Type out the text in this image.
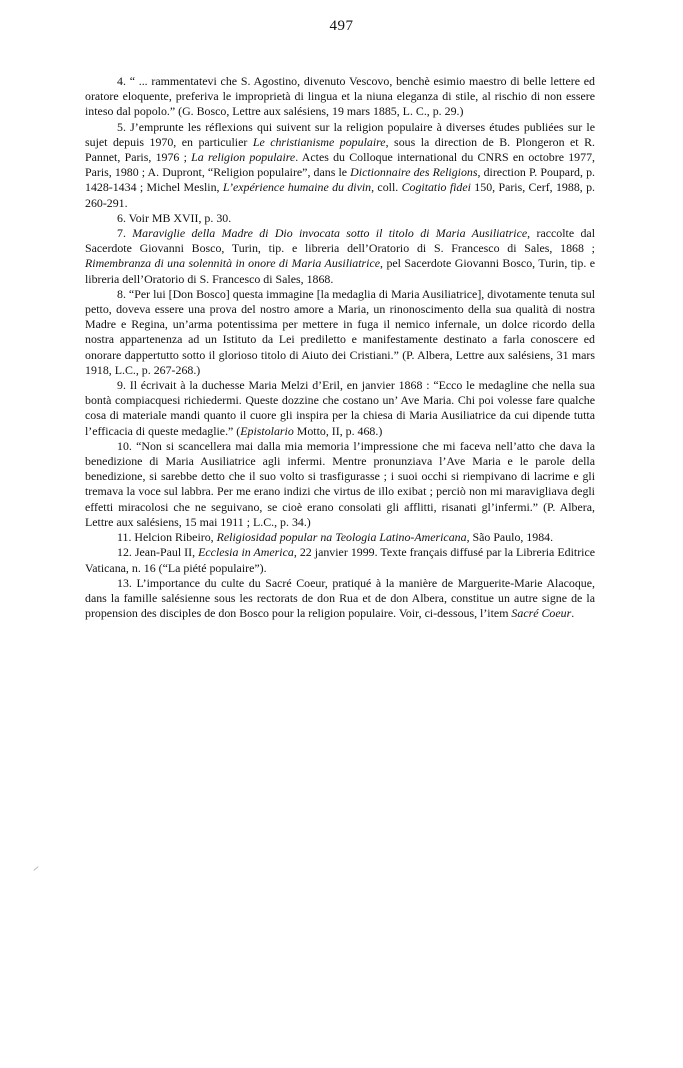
497

4. “ ... rammentatevi che S. Agostino, divenuto Vescovo, benchè esimio maestro di belle lettere ed oratore eloquente, preferiva le improprietà di lingua et la niuna eleganza di stile, al rischio di non essere inteso dal popolo.” (G. Bosco, Lettre aux salésiens, 19 mars 1885, L. C., p. 29.)

5. J’emprunte les réflexions qui suivent sur la religion populaire à diverses études publiées sur le sujet depuis 1970, en particulier Le christianisme populaire, sous la direction de B. Plongeron et R. Pannet, Paris, 1976 ; La religion populaire. Actes du Colloque international du CNRS en octobre 1977, Paris, 1980 ; A. Dupront, “Religion populaire”, dans le Dictionnaire des Religions, direction P. Poupard, p. 1428-1434 ; Michel Meslin, L’expérience humaine du divin, coll. Cogitatio fidei 150, Paris, Cerf, 1988, p. 260-291.

6. Voir MB XVII, p. 30.

7. Maraviglie della Madre di Dio invocata sotto il titolo di Maria Ausiliatrice, raccolte dal Sacerdote Giovanni Bosco, Turin, tip. e libreria dell’Oratorio di S. Francesco di Sales, 1868 ; Rimembranza di una solennità in onore di Maria Ausiliatrice, pel Sacerdote Giovanni Bosco, Turin, tip. e libreria dell’Oratorio di S. Francesco di Sales, 1868.

8. “Per lui [Don Bosco] questa immagine [la medaglia di Maria Ausiliatrice], divotamente tenuta sul petto, doveva essere una prova del nostro amore a Maria, un rinonoscimento della sua qualità di nostra Madre e Regina, un’arma potentissima per mettere in fuga il nemico infernale, un dolce ricordo della nostra appartenenza ad un Istituto da Lei prediletto e manifestamente destinato a farla conoscere ed onorare dappertutto sotto il glorioso titolo di Aiuto dei Cristiani.” (P. Albera, Lettre aux salésiens, 31 mars 1918, L.C., p. 267-268.)

9. Il écrivait à la duchesse Maria Melzi d’Eril, en janvier 1868 : “Ecco le medagline che nella sua bontà compiacquesi richiedermi. Queste dozzine che costano un’ Ave Maria. Chi poi volesse fare qualche cosa di materiale mandi quanto il cuore gli inspira per la chiesa di Maria Ausiliatrice da cui dipende tutta l’efficacia di queste medaglie.” (Epistolario Motto, II, p. 468.)

10. “Non si scancellera mai dalla mia memoria l’impressione che mi faceva nell’atto che dava la benedizione di Maria Ausiliatrice agli infermi. Mentre pronunziava l’Ave Maria e le parole della benedizione, si sarebbe detto che il suo volto si trasfigurasse ; i suoi occhi si riempivano di lacrime e gli tremava la voce sul labbra. Per me erano indizi che virtus de illo exibat ; perciò non mi maravigliava degli effetti miracolosi che ne seguivano, se cioè erano consolati gli afflitti, risanati gl’infermi.” (P. Albera, Lettre aux salésiens, 15 mai 1911 ; L.C., p. 34.)

11. Helcion Ribeiro, Religiosidad popular na Teologia Latino-Americana, São Paulo, 1984.

12. Jean-Paul II, Ecclesia in America, 22 janvier 1999. Texte français diffusé par la Libreria Editrice Vaticana, n. 16 (“La piété populaire”).

13. L’importance du culte du Sacré Coeur, pratiqué à la manière de Marguerite-Marie Alacoque, dans la famille salésienne sous les rectorats de don Rua et de don Albera, constitue un autre signe de la propension des disciples de don Bosco pour la religion populaire. Voir, ci-dessous, l’item Sacré Coeur.
